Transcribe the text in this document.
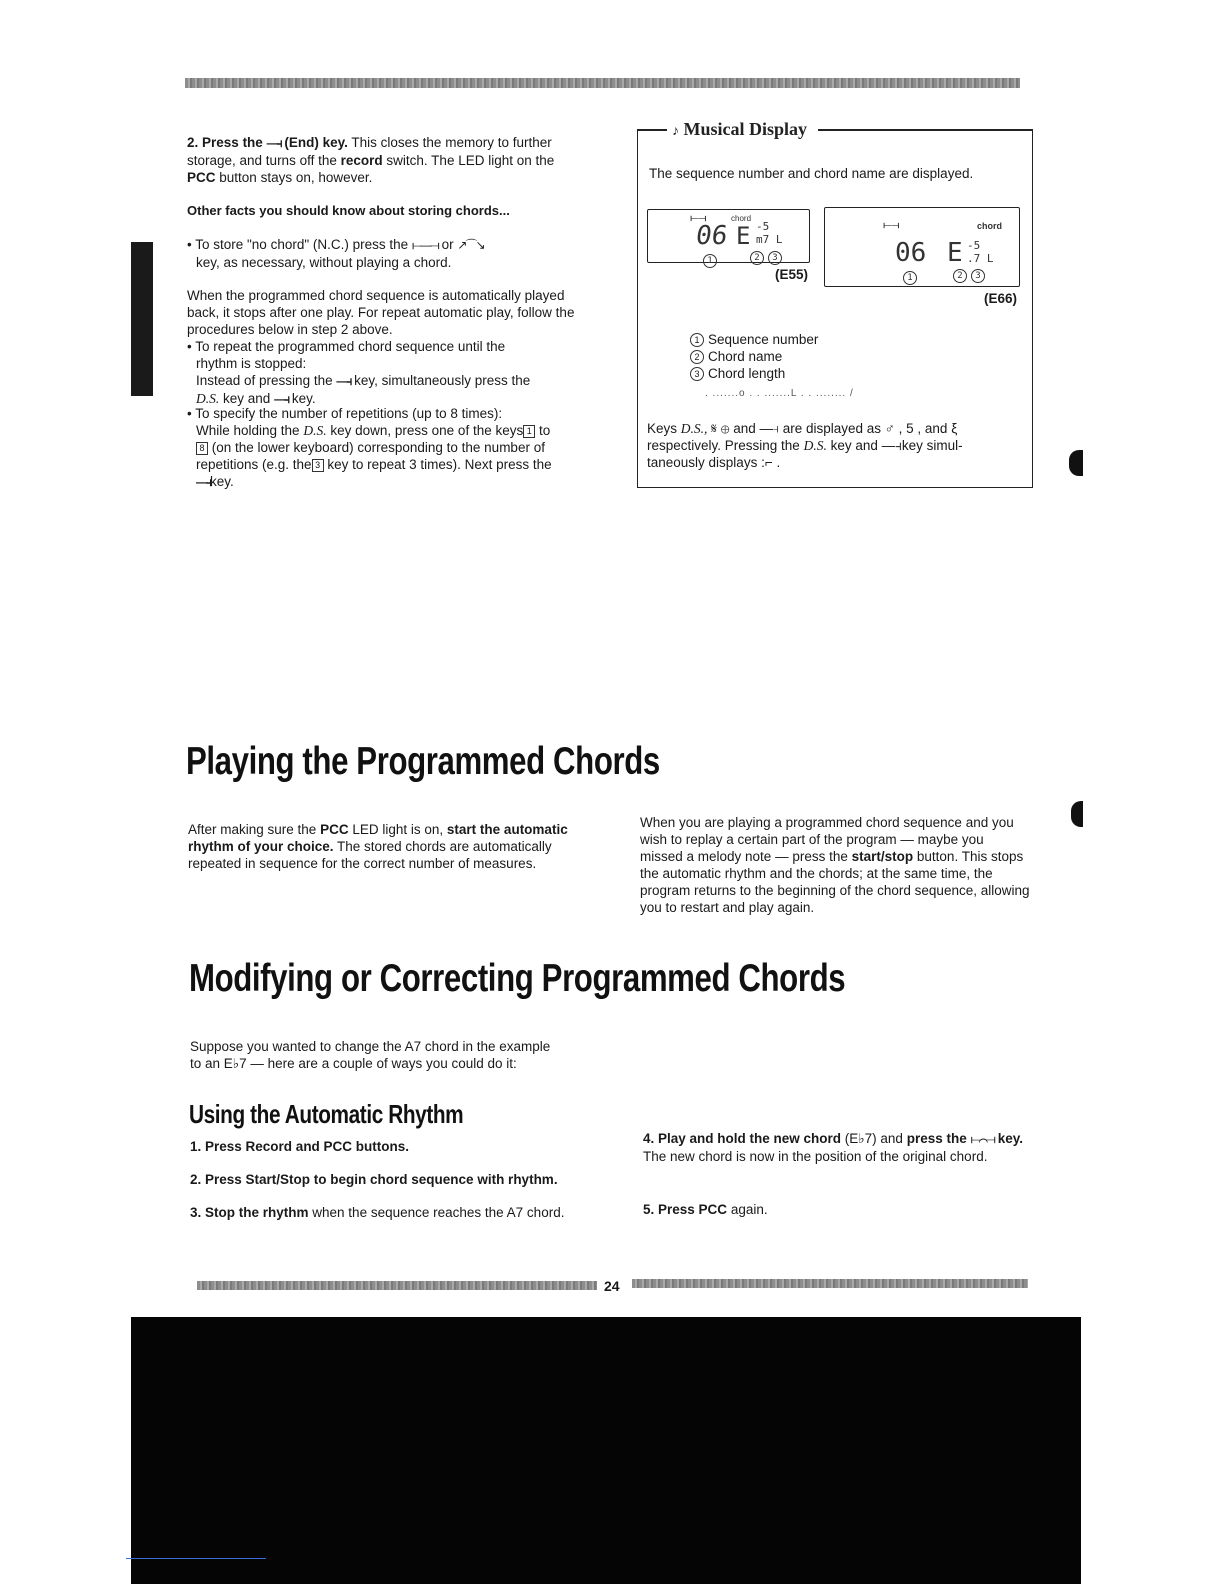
2. Press the —⫞ (End) key. This closes the memory to further storage, and turns off the record switch. The LED light on the PCC button stays on, however.
Other facts you should know about storing chords...
• To store "no chord" (N.C.) press the ⟝—⟞ or ↗⌒↘
key, as necessary, without playing a chord.
When the programmed chord sequence is automatically played back, it stops after one play. For repeat automatic play, follow the procedures below in step 2 above.
• To repeat the programmed chord sequence until the
rhythm is stopped:
Instead of pressing the —⫞ key, simultaneously press the
D.S. key and —⫞ key.
• To specify the number of repetitions (up to 8 times):
While holding the D.S. key down, press one of the keys 1 to
8 (on the lower keyboard) corresponding to the number of
repetitions (e.g. the 3 key to repeat 3 times). Next press the
—⫞key.
♪ Musical Display
The sequence number and chord name are displayed.
⟝⟞	chord
06 E -5
m7 L
1	2 3
(E55)
⟝⟞	chord
06 E -5
.7 L
1	2 3
(E66)
1 Sequence number
2 Chord name
3 Chord length
. .......o . . .......L . . ........ /
Keys D.S., 𝄋 ⊕ and —⫞ are displayed as ♂ , 5 , and ξ
respectively. Pressing the D.S. key and —⫞key simul-
taneously displays :⌐ .
Playing the Programmed Chords
After making sure the PCC LED light is on, start the automatic rhythm of your choice. The stored chords are automatically repeated in sequence for the correct number of measures.
When you are playing a programmed chord sequence and you wish to replay a certain part of the program — maybe you missed a melody note — press the start/stop button. This stops the automatic rhythm and the chords; at the same time, the program returns to the beginning of the chord sequence, allowing you to restart and play again.
Modifying or Correcting Programmed Chords
Suppose you wanted to change the A7 chord in the example
to an E♭7 — here are a couple of ways you could do it:
Using the Automatic Rhythm
1. Press Record and PCC buttons.
2. Press Start/Stop to begin chord sequence with rhythm.
3. Stop the rhythm when the sequence reaches the A7 chord.
4. Play and hold the new chord (E♭7) and press the ⟝⌒⟞ key. The new chord is now in the position of the original chord.
5. Press PCC again.
24
